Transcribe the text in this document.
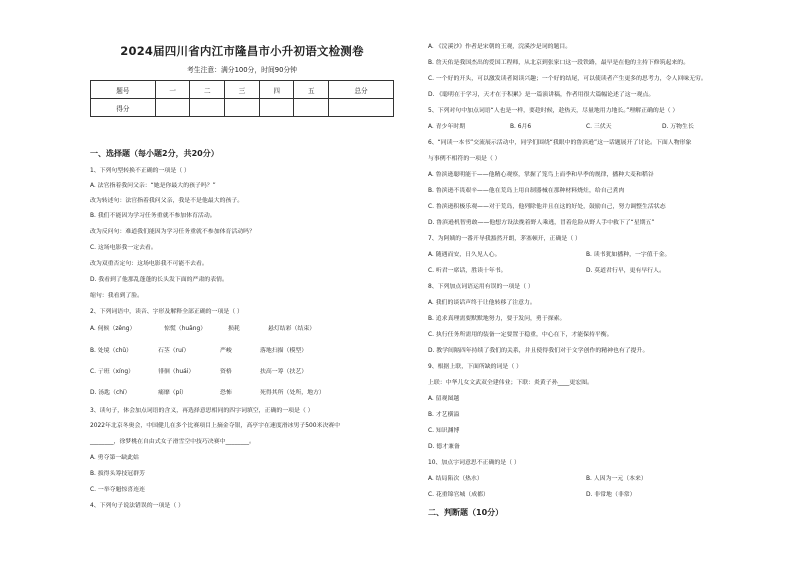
2024届四川省内江市隆昌市小升初语文检测卷
考生注意：满分100分，时间90分钟
题号	一	二	三	四	五	总分
得分						
一、选择题（每小题2分，共20分）
1、下列句型转换不正确的一项是（ ）
A. 法官指着我问父亲：“她是你最大的孩子吗？”
改为转述句：法官指着我问父亲，我是不是他最大的孩子。
B. 我们不能因为学习任务重就不参加体育活动。
改为反问句：难道我们能因为学习任务重就不参加体育活动吗？
C. 这场电影我一定去看。
改为双重否定句：这场电影我不可能不去看。
D. 我看到了他那乱蓬蓬的长头发下面的严肃的表情。
缩句：我看到了脸。
2、下列词语中，读音、字形及解释全部正确的一项是（ ）
A. 伺候（zěng）	惊慌（huāng）	损耗	悬灯结彩（结束）
B. 处境（chǔ）	石茎（ruí）	严峻	落地扫描（模型）
C. 亍班（xíng）	徘徊（huái）	资格	扶高一筹（扶艺）
D. 汤匙（chí）	痛靡（pí）	恐怖	死得其所（处所，地方）
3、读句子，体会加点词语的含义，再选择意思相同的四字词填空，正确的一项是（ ）
2022年北京冬奥会，中国健儿在多个比赛项目上摘金夺银，高亭宇在速度滑冰男子500米决赛中
________，徐梦桃在自由式女子滑雪空中技巧决赛中________。
A. 勇夺第一缺此姑
B. 拔得头筹技冠群芳
C. 一举夺魁惊喜连连
4、下列句子说法错误的一项是（ ）
A. 《浣溪沙》作者是宋朝的王观，浣溪沙是词的题目。
B. 詹天佑是我国杰出的爱国工程师，从北京到张家口这一段铁路，最早是在他的主持下修筑起来的。
C. 一个好的开头，可以激发读者阅读兴趣；一个好的结尾，可以使读者产生更多的思考力，令人回味无穷。
D. 《聪明在于学习，天才在于积累》是一篇演讲稿，作者用很大篇幅论述了这一观点。
5、下列对句中加点词语“人也是一样，要趁时候，趁热天，尽量地用力地长。”理解正确的是（ ）
A. 青少年时期	B. 6月6	C. 三伏天	D. 万物生长
6、“同读一本书”交流展示活动中，同学们围绕“我眼中的鲁滨逊”这一话题展开了讨论。下面人物形象
与事例不相符的一项是（ ）
A. 鲁滨逊聪明能干——他精心观察，掌握了笼鸟上而季和早季的规律，播种大麦和稻谷
B. 鲁滨逊不畏艰辛——他在荒岛上用自制器械在那种材料烧灶，给自己煮肉
C. 鲁滨逊积极乐观——对于荒岛，他列除他并且在这的好处，鼓励自己，努力调整生活状态
D. 鲁滨逊机智勇敢——他想方设法挽着野人乘逃，冒着危险从野人手中救下了“星期五”
7、为阿姨的一番开导我豁然开朗，茅塞顿开，正确是（ ）
A. 随遇而安，日久见人心。	B. 读书犹如播种，一字值千金。
C. 听君一席话，胜读十年书。	D. 莫道君行早，更有早行人。
8、下列加点词语运用有误的一项是（ ）
A. 我们的谈话声终于让他转移了注意力。
B. 追求真理需要默默地努力，要于发问，勇于探索。
C. 执行任务所需用的装备一定要置于稳重，中心在下，才能保持平衡。
D. 教学间隔四年持续了我们的关系，并且使得我们对于文学创作的精神也有了提升。
9、根据上联，下面所缺的词是（ ）
上联：中华儿女文武双全建伟业；下联：炎黄子孙____更宏图。
A. 留观图越
B. 才艺横溢
C. 知识渊博
D. 德才兼备
10、加点字词意思不正确的是（ ）
A. 结局陷次（热水）	B. 人因为一元（本来）
C. 花重锦官城（成都）	D. 非常地（非常）
二、判断题（10分）
